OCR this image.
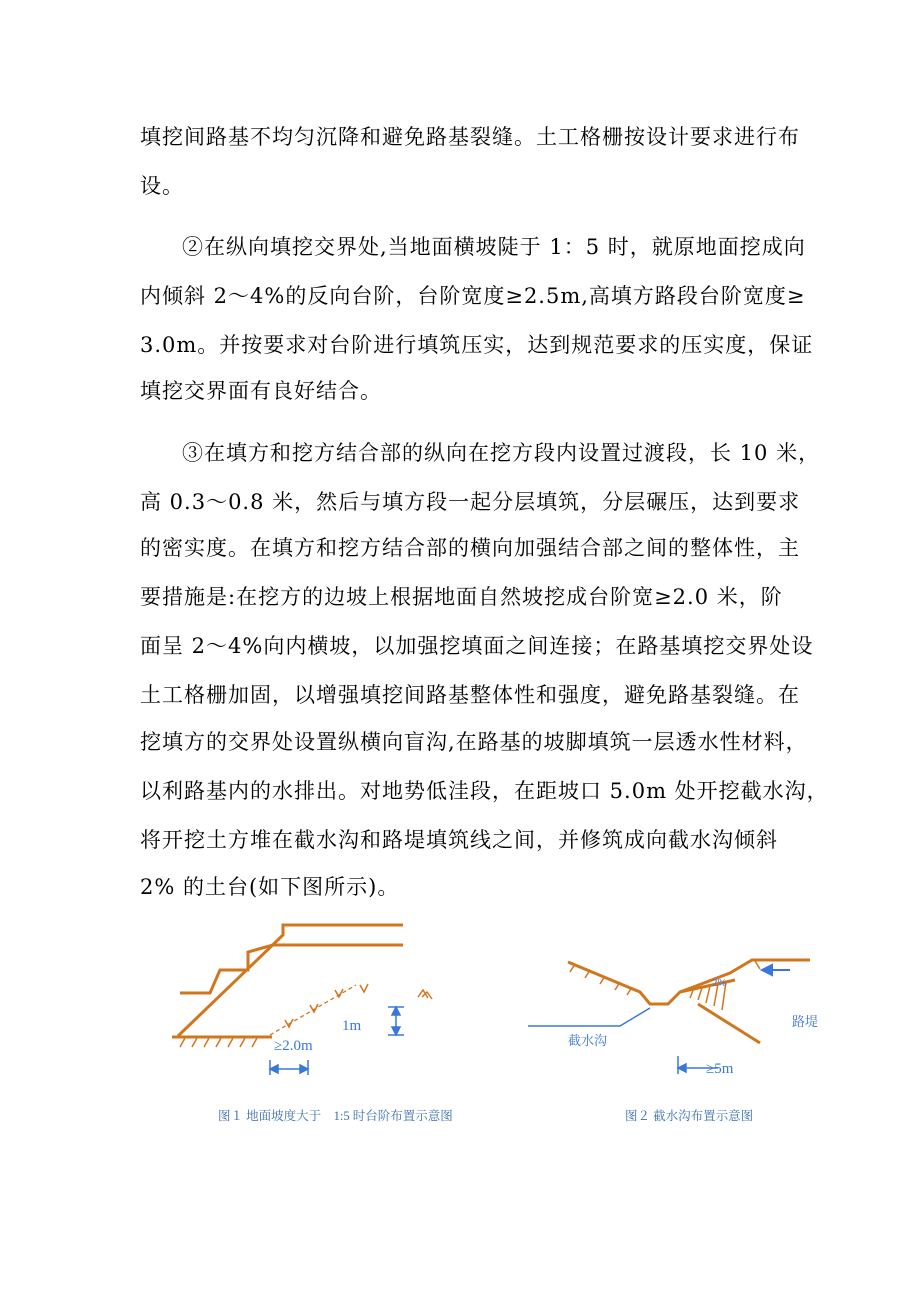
填挖间路基不均匀沉降和避免路基裂缝。土工格栅按设计要求进行布
设。
②在纵向填挖交界处,当地面横坡陡于 1：5 时，就原地面挖成向
内倾斜 2～4%的反向台阶，台阶宽度≥2.5m,高填方路段台阶宽度≥
3.0m。并按要求对台阶进行填筑压实，达到规范要求的压实度，保证
填挖交界面有良好结合。
③在填方和挖方结合部的纵向在挖方段内设置过渡段，长 10 米，
高 0.3～0.8 米，然后与填方段一起分层填筑，分层碾压，达到要求
的密实度。在填方和挖方结合部的横向加强结合部之间的整体性，主
要措施是:在挖方的边坡上根据地面自然坡挖成台阶宽≥2.0 米，阶
面呈 2～4%向内横坡，以加强挖填面之间连接；在路基填挖交界处设
土工格栅加固，以增强填挖间路基整体性和强度，避免路基裂缝。在
挖填方的交界处设置纵横向盲沟,在路基的坡脚填筑一层透水性材料，
以利路基内的水排出。对地势低洼段，在距坡口 5.0m 处开挖截水沟，
将开挖土方堆在截水沟和路堤填筑线之间，并修筑成向截水沟倾斜
2% 的土台(如下图所示)。
≥2.0m
1m
≥5m
2%
截水沟
路堤
图１ 地面坡度大于　1:5 时台阶布置示意图	图２ 截水沟布置示意图
